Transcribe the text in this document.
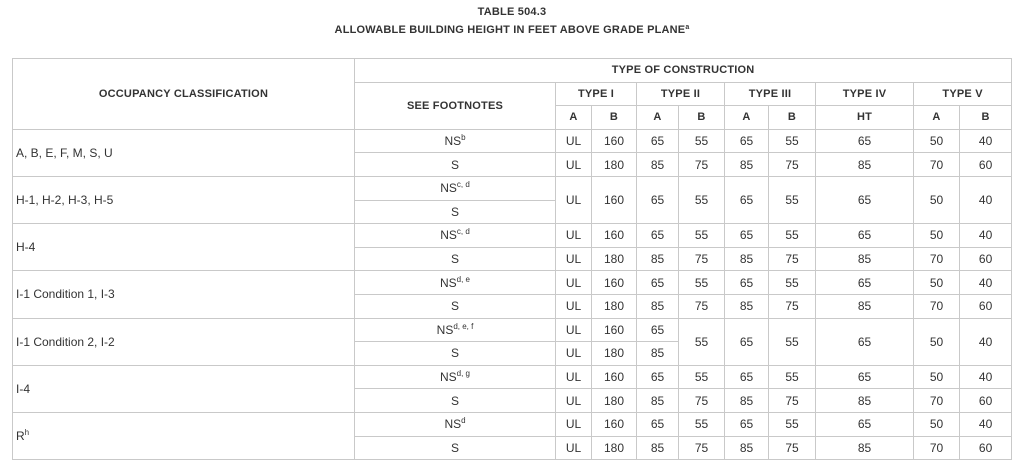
TABLE 504.3
ALLOWABLE BUILDING HEIGHT IN FEET ABOVE GRADE PLANE$^a$
OCCUPANCY CLASSIFICATION	TYPE OF CONSTRUCTION									
	SEE FOOTNOTES	TYPE I		TYPE II		TYPE III		TYPE IV	TYPE V	
		A	B	A	B	A	B	HT	A	B
A, B, E, F, M, S, U	$NS^b$	UL	160	65	55	65	55	65	50	40
	S	UL	180	85	75	85	75	85	70	60
H-1, H-2, H-3, H-5	NS$^{c, d}$	UL	160	65	55	65	55	65	50	40
	S									
H-4	NS$^{c, d}$	UL	160	65	55	65	55	65	50	40
	S	UL	180	85	75	85	75	85	70	60
I-1 Condition 1, I-3	NS$^{d, e}$	UL	160	65	55	65	55	65	50	40
	S	UL	180	85	75	85	75	85	70	60
I-1 Condition 2, I-2	NS$^{d, e, f}$	UL	160	65	55	65	55	65	50	40
	S	UL	180	85						
I-4	NS$^{d, g}$	UL	160	65	55	65	55	65	50	40
	S	UL	180	85	75	85	75	85	70	60
$R^h$	$NS^d$	UL	160	65	55	65	55	65	50	40
	S	UL	180	85	75	85	75	85	70	60
